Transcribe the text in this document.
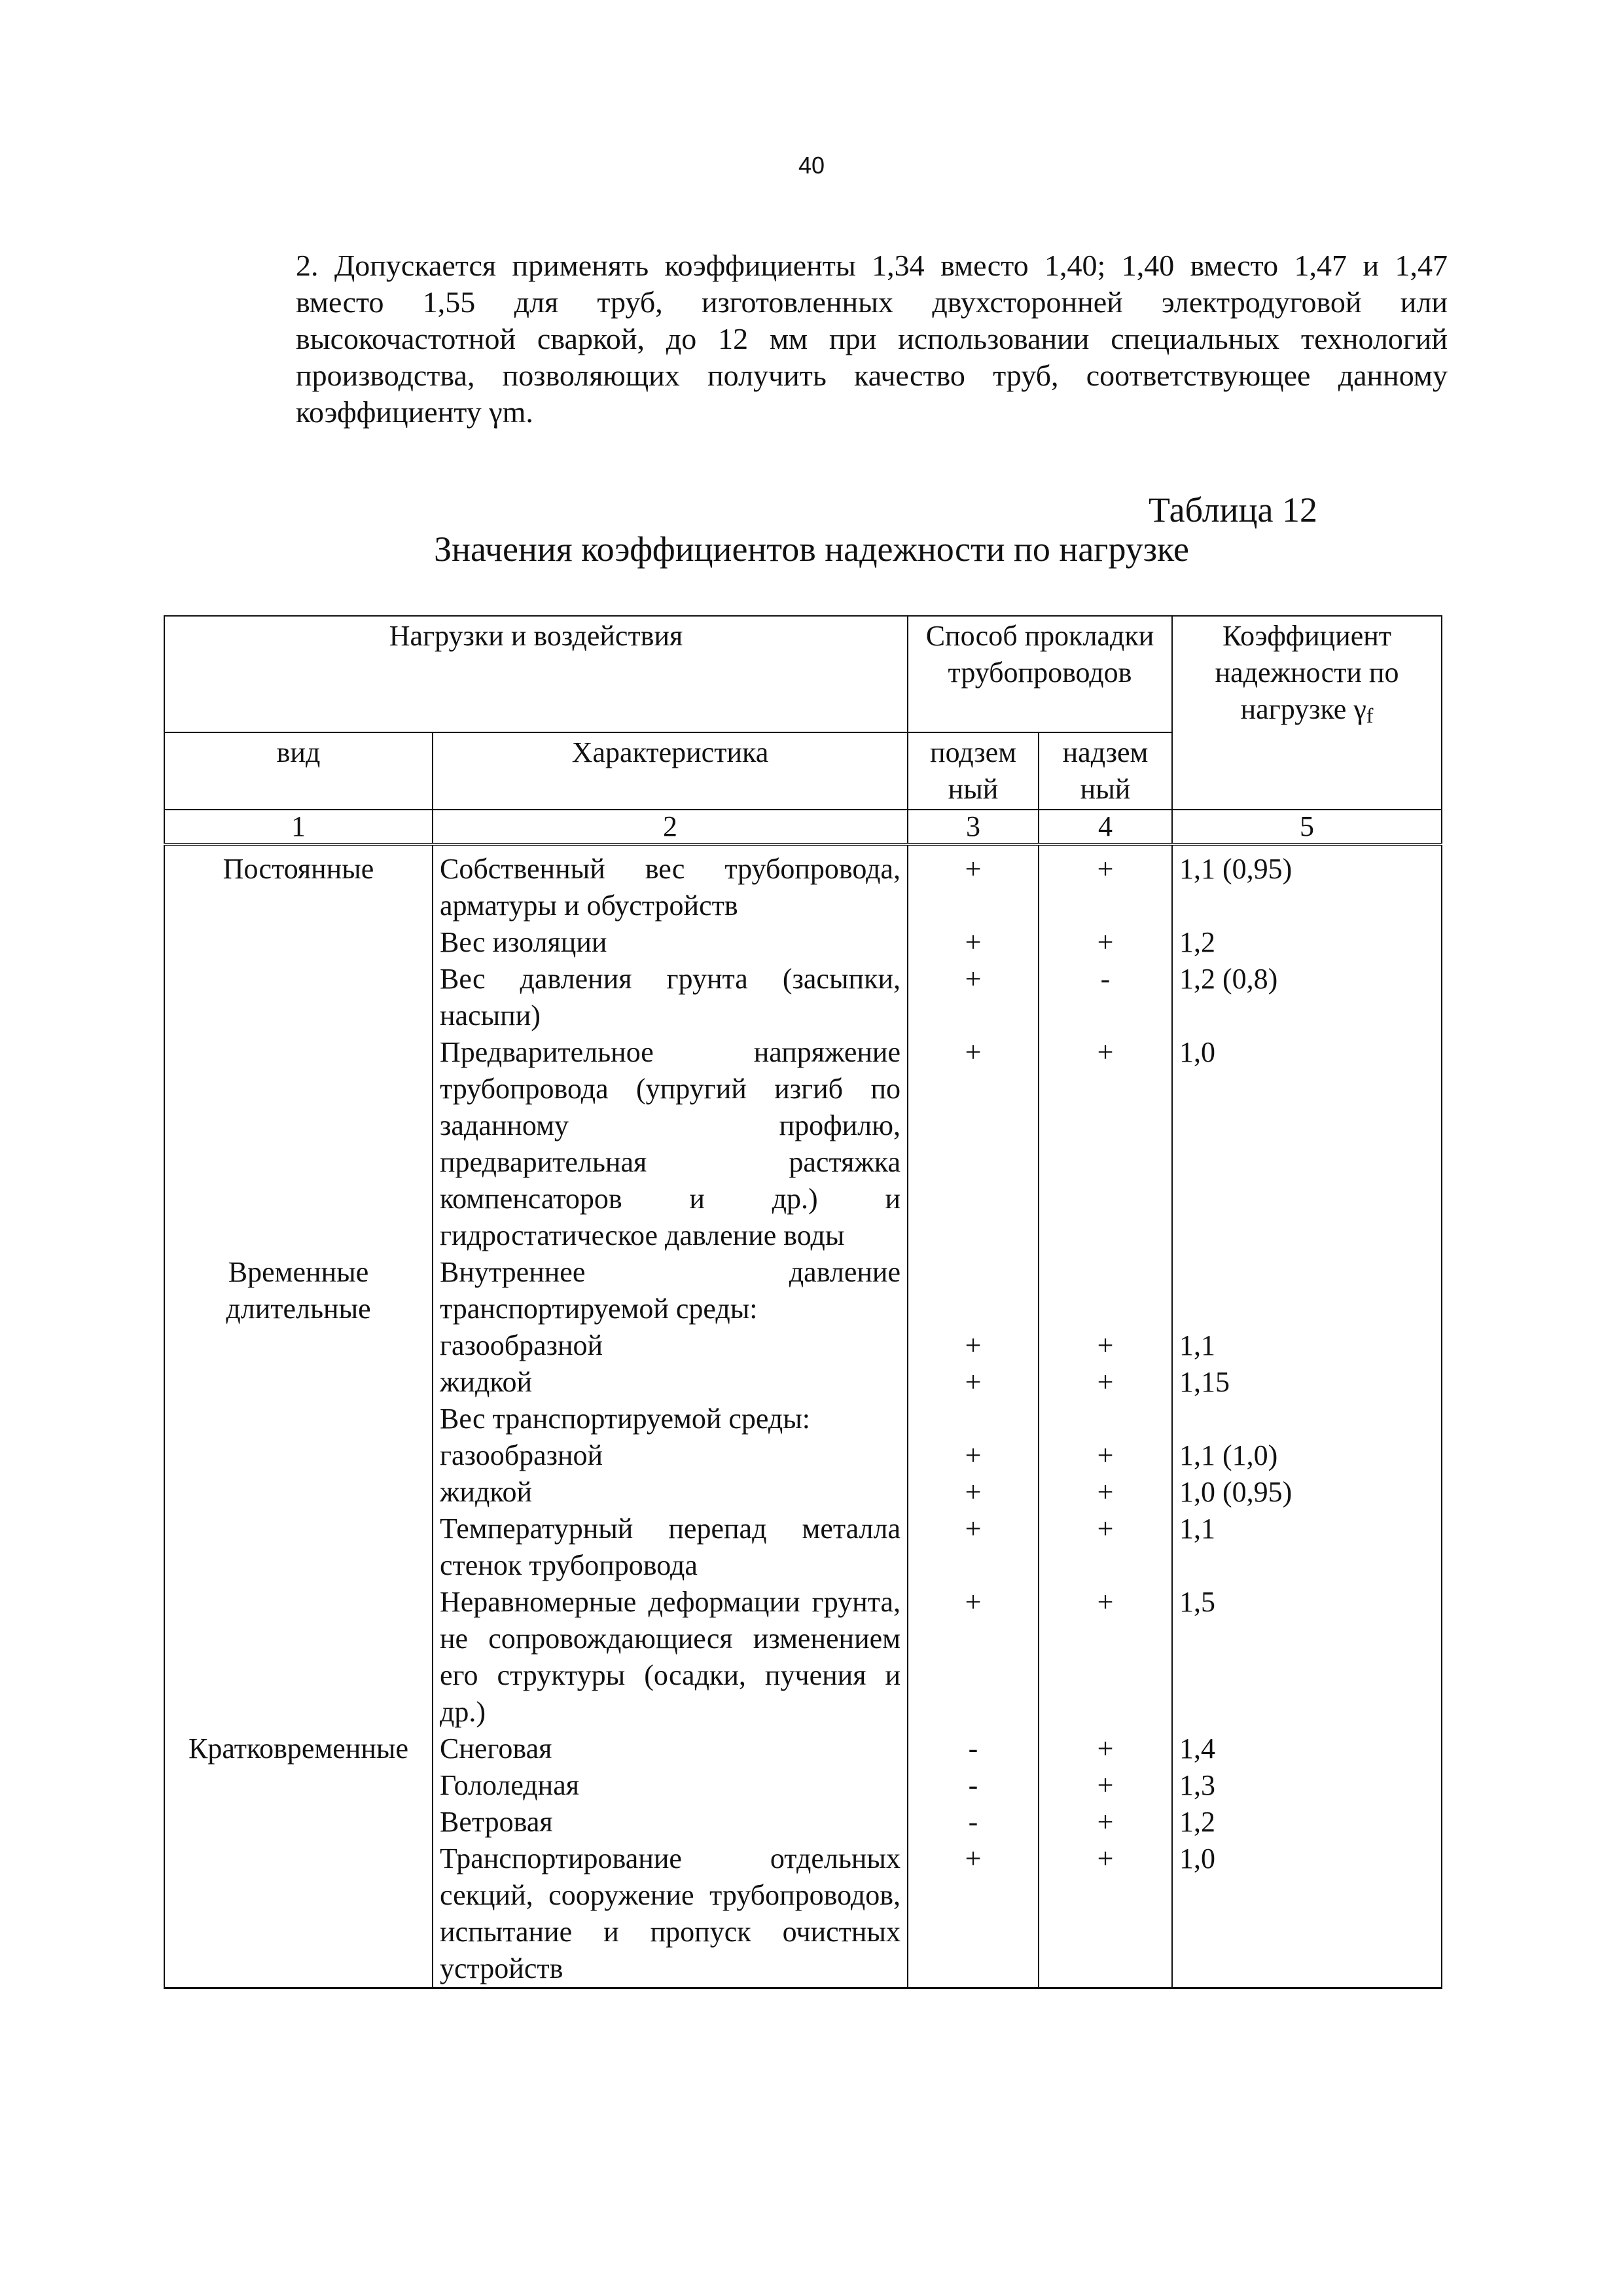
40

2. Допускается применять коэффициенты 1,34 вместо 1,40; 1,40 вместо 1,47 и 1,47 вместо 1,55 для труб, изготовленных двухсторонней электродуговой или высокочастотной сваркой, до 12 мм при использовании специальных технологий производства, позволяющих получить качество труб, соответствующее данному коэффициенту γm.

Таблица 12
Значения коэффициентов надежности по нагрузке
Нагрузки и воздействия		Способ прокладки трубопроводов		Коэффициент надежности по нагрузке γf
вид	Характеристика	подзем ный	надзем ный	
1	2	3	4	5
Постоянные	Собственный вес трубопровода, арматуры и обустройств	+	+	1,1 (0,95)
	Вес изоляции	+	+	1,2
	Вес давления грунта (засыпки, насыпи)	+	-	1,2 (0,8)
	Предварительное напряжение трубопровода (упругий изгиб по заданному профилю, предварительная растяжка компенсаторов и др.) и гидростатическое давление воды	+	+	1,0
Временные длительные	Внутреннее давление транспортируемой среды:			
	газообразной	+	+	1,1
	жидкой	+	+	1,15
	Вес транспортируемой среды:			
	газообразной	+	+	1,1 (1,0)
	жидкой	+	+	1,0 (0,95)
	Температурный перепад металла стенок трубопровода	+	+	1,1
	Неравномерные деформации грунта, не сопровождающиеся изменением его структуры (осадки, пучения и др.)	+	+	1,5
Кратковременные	Снеговая	-	+	1,4
	Гололедная	-	+	1,3
	Ветровая	-	+	1,2
	Транспортирование отдельных секций, сооружение трубопроводов, испытание и пропуск очистных устройств	+	+	1,0
